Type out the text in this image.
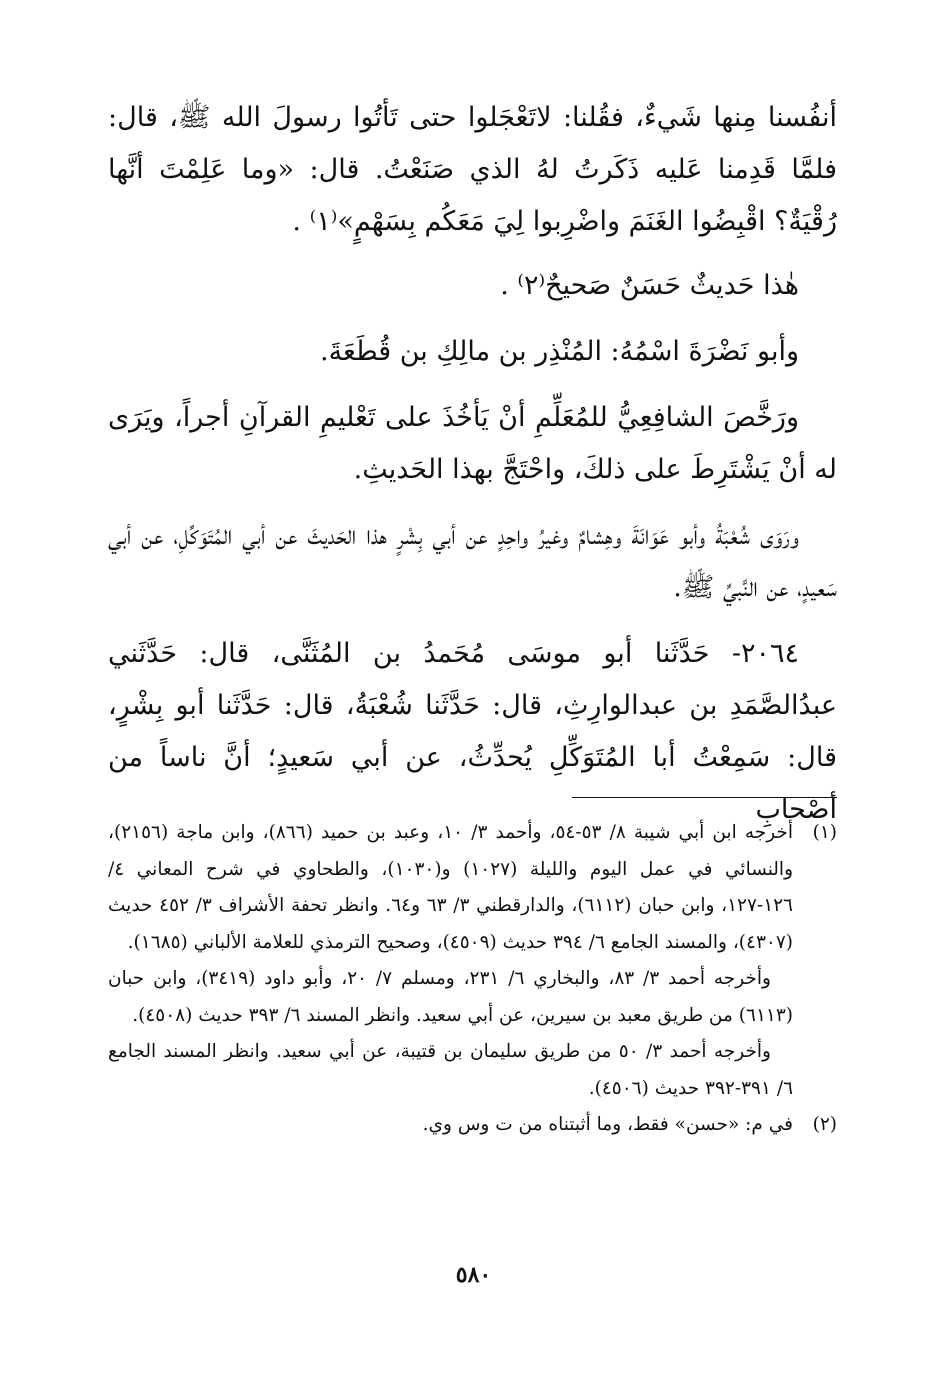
أنفُسنا مِنها شَيءٌ، فقُلنا: لاتَعْجَلوا حتى تَأتُوا رسولَ الله ﷺ، قال: فلمَّا قَدِمنا عَليه ذَكَرتُ لهُ الذي صَنَعْتُ. قال: «وما عَلِمْتَ أنَّها رُقْيَةٌ؟ اقْبِضُوا الغَنَمَ واضْرِبوا لِيَ مَعَكُم بِسَهْمٍ»⁽١⁾ .

هٰذا حَديثٌ حَسَنٌ صَحيحٌ⁽٢⁾ .

وأبو نَضْرَةَ اسْمُهُ: المُنْذِر بن مالِكِ بن قُطَعَةَ.

ورَخَّصَ الشافِعِيُّ للمُعَلِّمِ أنْ يَأخُذَ على تَعْليمِ القرآنِ أجراً، ويَرَى له أنْ يَشْتَرِطَ على ذلكَ، واحْتَجَّ بهذا الحَديثِ.

ورَوَى شُعْبَةُ وأبو عَوَانَةَ وهِشامٌ وغيرُ واحِدٍ عن أبي بِشْرٍ هذا الحَديثَ عن أبي المُتَوَكِّلِ، عن أبي سَعيدٍ، عن النَّبيِّ ﷺ.

٢٠٦٤- حَدَّثَنا أبو موسَى مُحَمدُ بن المُثَنَّى، قال: حَدَّثَني عبدُالصَّمَدِ بن عبدالوارِثِ، قال: حَدَّثَنا شُعْبَةُ، قال: حَدَّثَنا أبو بِشْرٍ، قال: سَمِعْتُ أبا المُتَوَكِّلِ يُحدِّثُ، عن أبي سَعيدٍ؛ أنَّ ناساً من أصْحابِ

(١)

أخرجه ابن أبي شيبة ٨/ ٥٣-٥٤، وأحمد ٣/ ١٠، وعبد بن حميد (٨٦٦)، وابن ماجة (٢١٥٦)، والنسائي في عمل اليوم والليلة (١٠٢٧) و(١٠٣٠)، والطحاوي في شرح المعاني ٤/ ١٢٦-١٢٧، وابن حبان (٦١١٢)، والدارقطني ٣/ ٦٣ و٦٤. وانظر تحفة الأشراف ٣/ ٤٥٢ حديث (٤٣٠٧)، والمسند الجامع ٦/ ٣٩٤ حديث (٤٥٠٩)، وصحيح الترمذي للعلامة الألباني (١٦٨٥).

وأخرجه أحمد ٣/ ٨٣، والبخاري ٦/ ٢٣١، ومسلم ٧/ ٢٠، وأبو داود (٣٤١٩)، وابن حبان (٦١١٣) من طريق معبد بن سيرين، عن أبي سعيد. وانظر المسند ٦/ ٣٩٣ حديث (٤٥٠٨).

وأخرجه أحمد ٣/ ٥٠ من طريق سليمان بن قتيبة، عن أبي سعيد. وانظر المسند الجامع ٦/ ٣٩١-٣٩٢ حديث (٤٥٠٦).

(٢)

في م: «حسن» فقط، وما أثبتناه من ت وس وي.

٥٨٠
